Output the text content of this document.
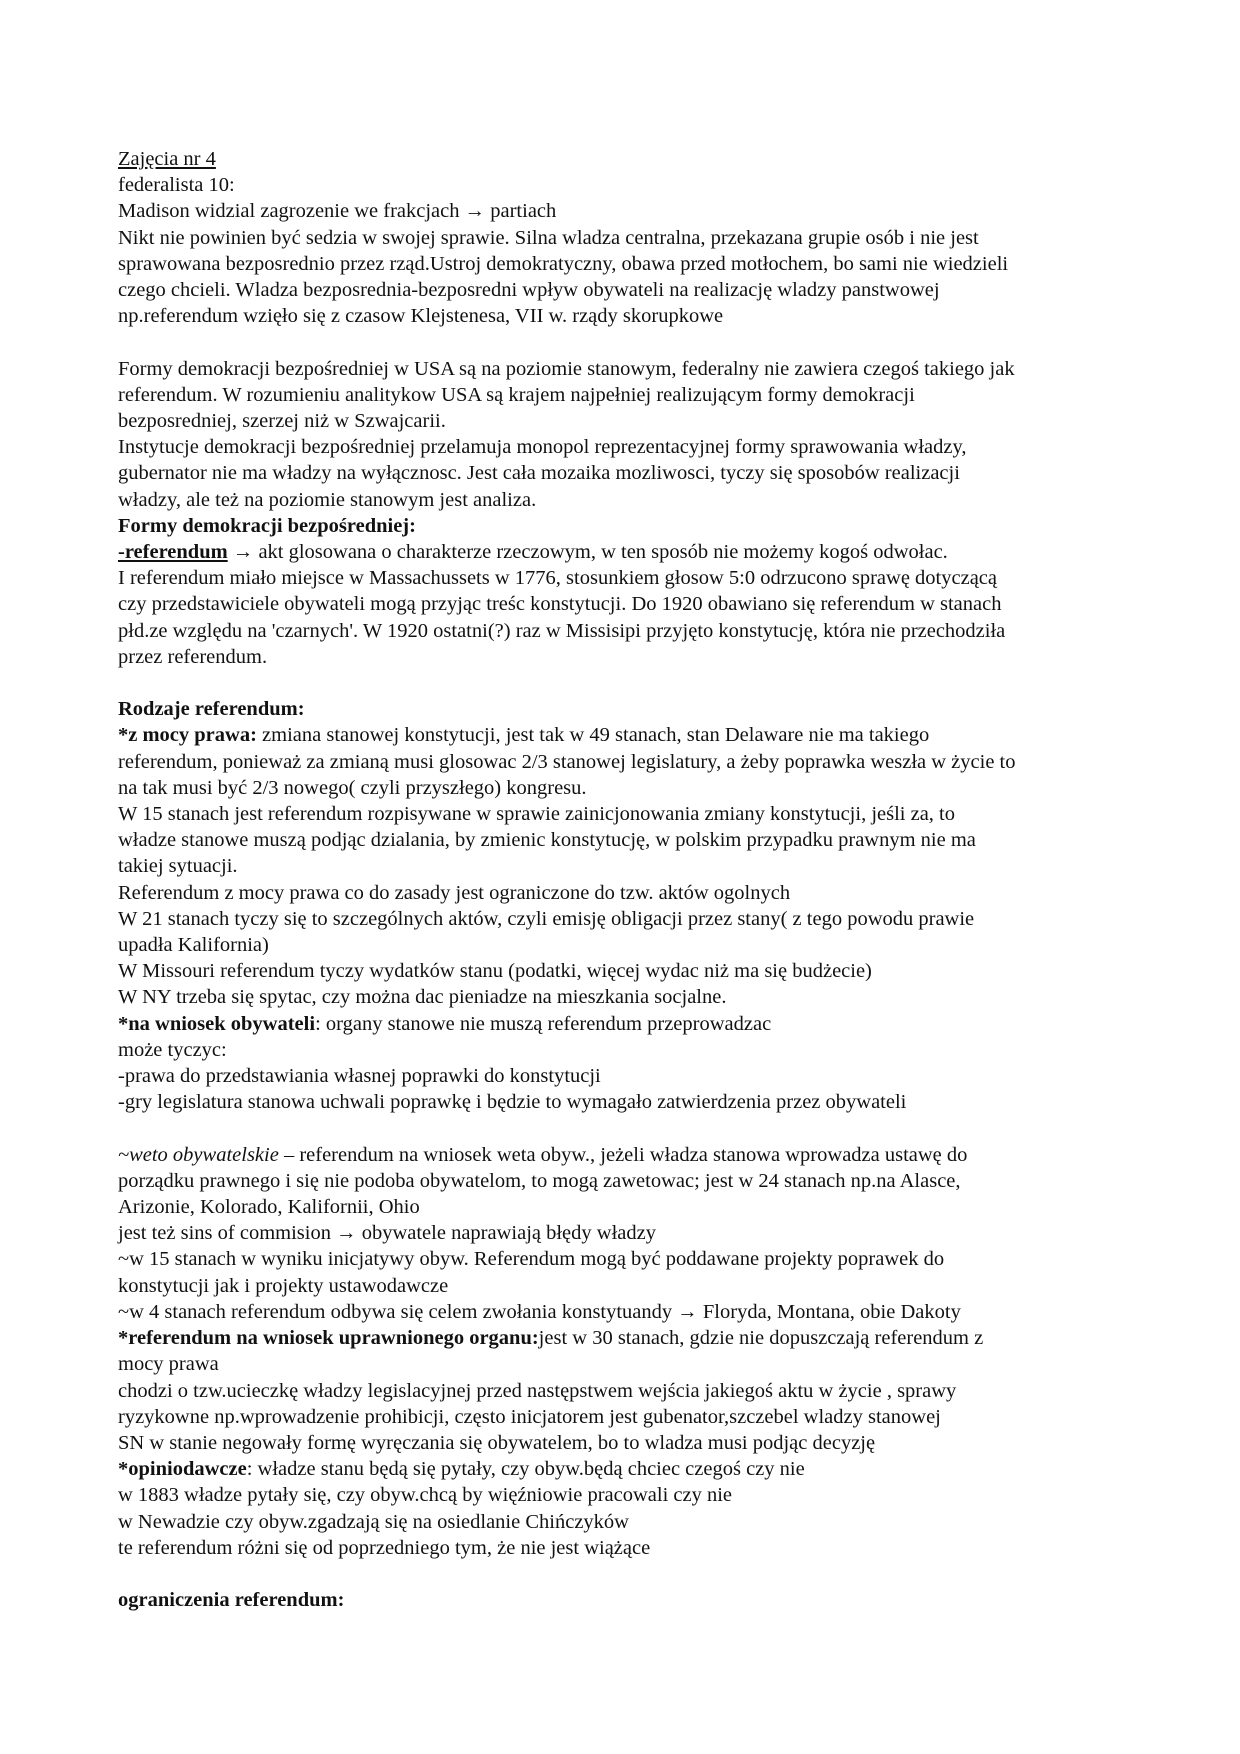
Zajęcia nr 4
federalista 10:
Madison widzial zagrozenie we frakcjach → partiach
Nikt nie powinien być sedzia w swojej sprawie. Silna wladza centralna, przekazana grupie osób i nie jest
sprawowana bezposrednio przez rząd.Ustroj demokratyczny, obawa przed motłochem, bo sami nie wiedzieli
czego chcieli. Wladza bezposrednia-bezposredni wpływ obywateli na realizację wladzy panstwowej
np.referendum wzięło się z czasow Klejstenesa, VII w. rządy skorupkowe
Formy demokracji bezpośredniej w USA są na poziomie stanowym, federalny nie zawiera czegoś takiego jak
referendum. W rozumieniu analitykow USA są krajem najpełniej realizującym formy demokracji
bezposredniej, szerzej niż w Szwajcarii.
Instytucje demokracji bezpośredniej przelamuja monopol reprezentacyjnej formy sprawowania władzy,
gubernator nie ma władzy na wyłącznosc. Jest cała mozaika mozliwosci, tyczy się sposobów realizacji
władzy, ale też na poziomie stanowym jest analiza.
Formy demokracji bezpośredniej:
-referendum → akt glosowana o charakterze rzeczowym, w ten sposób nie możemy kogoś odwołac.
I referendum miało miejsce w Massachussets w 1776, stosunkiem głosow 5:0 odrzucono sprawę dotyczącą
czy przedstawiciele obywateli mogą przyjąc treśc konstytucji. Do 1920 obawiano się referendum w stanach
płd.ze względu na 'czarnych'. W 1920 ostatni(?) raz w Missisipi przyjęto konstytucję, która nie przechodziła
przez referendum.
Rodzaje referendum:
*z mocy prawa: zmiana stanowej konstytucji, jest tak w 49 stanach, stan Delaware nie ma takiego
referendum, ponieważ za zmianą musi glosowac 2/3 stanowej legislatury, a żeby poprawka weszła w życie to
na tak musi być 2/3 nowego( czyli przyszłego) kongresu.
W 15 stanach jest referendum rozpisywane w sprawie zainicjonowania zmiany konstytucji, jeśli za, to
władze stanowe muszą podjąc dzialania, by zmienic konstytucję, w polskim przypadku prawnym nie ma
takiej sytuacji.
Referendum z mocy prawa co do zasady jest ograniczone do tzw. aktów ogolnych
W 21 stanach tyczy się to szczególnych aktów, czyli emisję obligacji przez stany( z tego powodu prawie
upadła Kalifornia)
W Missouri referendum tyczy wydatków stanu (podatki, więcej wydac niż ma się budżecie)
W NY trzeba się spytac, czy można dac pieniadze na mieszkania socjalne.
*na wniosek obywateli: organy stanowe nie muszą referendum przeprowadzac
może tyczyc:
-prawa do przedstawiania własnej poprawki do konstytucji
-gry legislatura stanowa uchwali poprawkę i będzie to wymagało zatwierdzenia przez obywateli
~weto obywatelskie – referendum na wniosek weta obyw., jeżeli władza stanowa wprowadza ustawę do
porządku prawnego i się nie podoba obywatelom, to mogą zawetowac; jest w 24 stanach np.na Alasce,
Arizonie, Kolorado, Kalifornii, Ohio
jest też sins of commision → obywatele naprawiają błędy władzy
~w 15 stanach w wyniku inicjatywy obyw. Referendum mogą być poddawane projekty poprawek do
konstytucji jak i projekty ustawodawcze
~w 4 stanach referendum odbywa się celem zwołania konstytuandy → Floryda, Montana, obie Dakoty
*referendum na wniosek uprawnionego organu:jest w 30 stanach, gdzie nie dopuszczają referendum z
mocy prawa
chodzi o tzw.ucieczkę władzy legislacyjnej przed następstwem wejścia jakiegoś aktu w życie , sprawy
ryzykowne np.wprowadzenie prohibicji, często inicjatorem jest gubenator,szczebel wladzy stanowej
SN w stanie negowały formę wyręczania się obywatelem, bo to wladza musi podjąc decyzję
*opiniodawcze: władze stanu będą się pytały, czy obyw.będą chciec czegoś czy nie
w 1883 władze pytały się, czy obyw.chcą by więźniowie pracowali czy nie
w Newadzie czy obyw.zgadzają się na osiedlanie Chińczyków
te referendum różni się od poprzedniego tym, że nie jest wiążące
ograniczenia referendum:
